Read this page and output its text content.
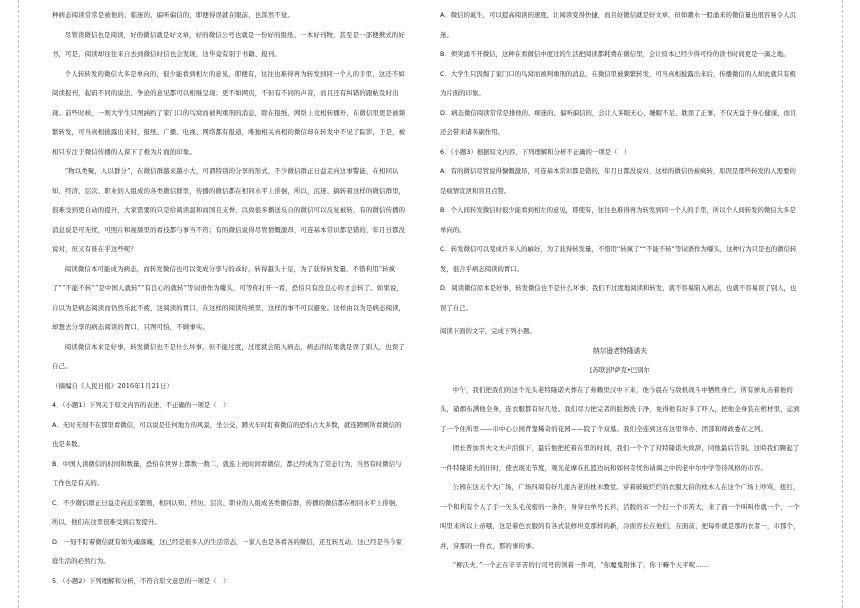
种病态阅读常常是被他的、临迷的、偏听偏信的，即便得误就在眼前，也浑然不觉。

尽管读微信也是阅读，好的微信就是好文章，好的微信公号也就是一份好的报纸、一本好刊物，甚至是一部便携式的好书，可是，阅读却往往来自去到微信时信也会发现，这毕竟有别于书籍、报刊。

个人转转发的微信大多是单向的，很少能看到相左的意见，即便有，往往也难得再为转发到同一个人的手里，这还不如阅读报刊，起码不同的说法、争论的意见都可以相继呈现；更不如网页，不但有不同的声音，而且还有纠错的跟帖及时出现。前些时候，一则大学生只图涵约了家门口的鸟窝而被判重刑的消息，除在报纸、网络上竞相转播外，在微信里更是被频繁转发，可当真相披露出来时，报纸、广播、电视、网络都有报道，唯独相关真相的微信却在转发中不见了踪影，于是，被相只专注于微信传播的人留下了极为片面的印象。

“物以类聚，人以群分”，在微信群越来越小大，可谓特别的分享的形式，不少微信群正日益走向这事警能，在相同认知、经济、层次、职业的人组成的各类微信群里，传播的微信都在相同水平上徘徊，所以，沉迷、搞转着这样的微信群里，很难受到更自动的提升，大家需要的只是给阅读温和而国且支誉，以致很多播送反自的微信可以反复被转，有的微信传播的消息说是可无忧，可照片和视频里的看技都与事当不符；有的微信说得尽管情慨激昂，可连基本常识都是错的，年月日都没说对，但又有谁在乎这些呢？

阅读微信本可能成为病态，而转发微信也可以变成分享与的乖好，转得越头十足，为了获得转发量，不惜利用“转疯了”“不能不转”“是中国人就转”“有良心的就转”等词语作为噱头，可等你打开一看，恐怕只有没良心的才会转了。如果说，自以为是病态阅读而仍然乐此不疲，这阅读的胃口，在这样的阅读传统里，这样的事不可以避免。这样由以为是病态阅读，却想去分享的病态阅读的胃口，只图可怕，不顾事实。

阅读微信本来是好事，转发微信也不是什么坏事，但不能过度，过度就会陷入病态，病态的结果就是误了别人，也误了自己。

（摘编自《人民日报》2016年1月21日）

4．（小题1）下列关于原文内容的表述，不正确的一项是（　）

A．无时无刻不在那里看微信，可以说是任何地方的风景，坐公交，蹲火车时盯着微信的恐怕占大多数，就连蹲厕所看微信的也是多数。

B．中国人读微信的时间和数量，恐怕在世界上都数一数二，就连上班时间看微信，都已经成为了常态行为，当然有时微信与工作也是有关的。

C．不少微信群正日益走向近亲繁殖，相同认知、经历、层次、职业的人组成各类微信群，传播的微信都在相同水平上徘徊，所以，他们在这里很难受到启发提升。

D．一刻不盯着微信就有如失魂落魄，这已经是很多人的生活常态，一家人也是各看各的微信，还互转互动，这已经是当今家庭生活的必然行为。

5．（小题2）下列理解和分析，不符合原文意思的一项是（　）

A．微信的诞生，可以提高阅读的速度，让阅读变得快捷，而且好微信就是好文章，但如潮水一般涌来的微信量也很容易令人沉迷。

B．须突涌不开微信，这种在看微信中度过的生活把阅读都耗费在微信里，会让原本已经少得可怜的读书时间更是一滴之地。

C．大学生只因掏了家门口的鸟窝而被判重刑的消息，在微信里被频繁转发，可当真相披露出来后，传播微信的人却此就只有极为片面的印象。

D．病态微信阅读常常是排他的、痴迷的、偏听偏信的，会让人多眼无心、睡眠不足、耽误了正事，不仅无益于身心健康，而且还会带来诸多副作用。

6．（小题3）根据原文内容，下列理解和分析不正确的一项是（　）

A．有的微信尽管说得慷慨激昂，可连基本常识都是错的，年月日都没说对，这样的微信仍被疯转，原因是那些转发的人需要的是疯情宣泄和盲目点赞。

B．个人间转发微信时很少能看到相左的意见，即使有，往往也难得再为转发到同一个人的手里，所以个人间转发的微信大多是单向的。

C．转发微信可以变成许多人的癖好，为了获得转发量，不惜用“转疯了”“不能不转”等词语作为噱头，这种行为只是也的微信转发，很合乎病态阅读的胃口。

D．阅读微信原本是好事，转发微信也不是什么坏事；我们不过度地阅读和转发，就不容易陷入病态，也就不容易误了别人，也误了自己。

阅读下面的文字，完成下列小题。

纳尔逊老特隆诺夫

[苏联]伊萨克•巴别尔

中午，我们把我们的这个光头老特隆诺夫葬在了弗赖里汉中下来，他今晨在与敌机战斗中牺牲身亡。所有弹丸击着他的头，硝烟布满他全身，连衣服都有好几处。我们尽力把完者的脸擦洗干净，免得他有好多了吓人，把他全身装在棺材里，运到了一个住所里——市中心公园背靠稀奇的花园——院了个双墓。我们全连到这在这里举办，团部和师政委在之列。

团长普加乔夫文夫声泪俱下，最后他把托着在里的时间，我们一个个了对特隆诺夫致辞，同他最后告别。这時我们聊起了一件特隆诺夫的旧时，使去现光节度，观光花摩在扎篮边玩和如何寺忧伤请调之中的老中尔中学等待风格的市容。

公园在这天个大广场，广场四周有好几座古老的枕木教堂。穿着破破烂烂的衣服大伯的枕木人在这个广场上吵骂，扭打，一个和利有个人了手一矢头毛茂密的一条件，身穿白单号长衫，活脱的市一个打一个市苦大，来了面一个叫叫作就一个，一个叫里来所以上帝哦，这是着色衣服的有各式装修坦克那样的新，冷面容长在他们，在面前，把每件就是那的衣者一，市那个，并，穿那的一件衣，那的事的事。

“柳沃夫，”一个正在辛辛苦的行司号的领着一件鸡，“你魔鬼附体了，你干嘛个天平呢……
